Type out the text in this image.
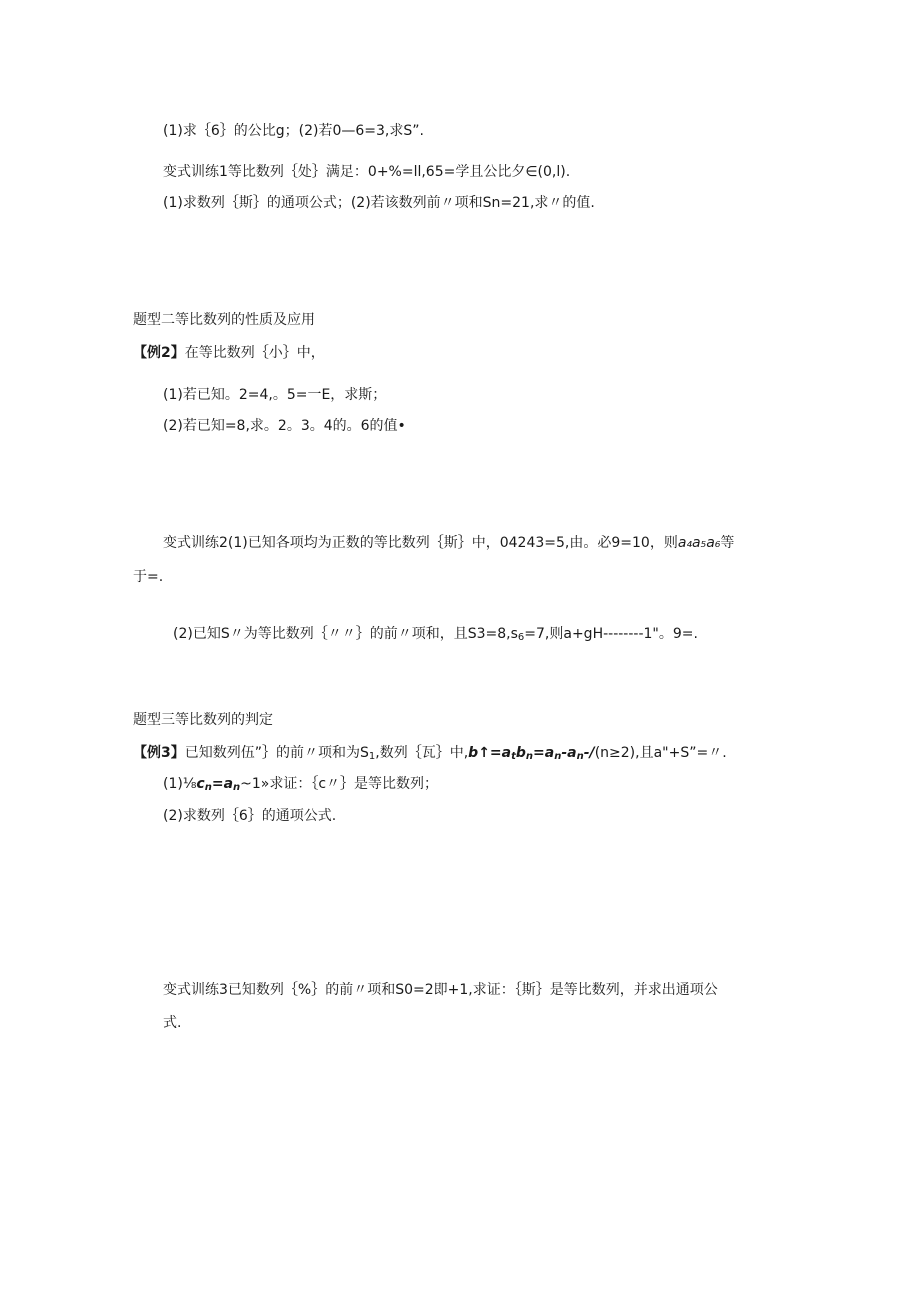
(1)求｛6｝的公比g；(2)若0—6=3,求S”.

变式训练1等比数列｛处｝满足：0+%=ll,65=学且公比夕∈(0,l).

(1)求数列｛斯｝的通项公式；(2)若该数列前〃项和Sn=21,求〃的值.

题型二等比数列的性质及应用

【例2】在等比数列｛小｝中，

(1)若已知。2=4,。5=一E，求斯；

(2)若已知=8,求。2。3。4的。6的值•

变式训练2(1)已知各项均为正数的等比数列｛斯｝中，04243=5,由。必9=10，则a₄a₅a₆等

于=.

(2)已知S〃为等比数列｛〃〃｝的前〃项和，且$S3=8,s_6=7$,则a+gH--------1"。9=.

题型三等比数列的判定

【例3】已知数列伍”｝的前〃项和为$S_1$,数列｛瓦｝中$,b↑=a_tb_n=a_n-a_n-/(n\ge 2)$,且a"+S”=〃.

$(1)\frac{1}{8}c_n=a_n\sim 1$»求证：｛c〃｝是等比数列；

(2)求数列｛6｝的通项公式.

变式训练3已知数列｛%｝的前〃项和S0=2即+1,求证：｛斯｝是等比数列，并求出通项公

式.
